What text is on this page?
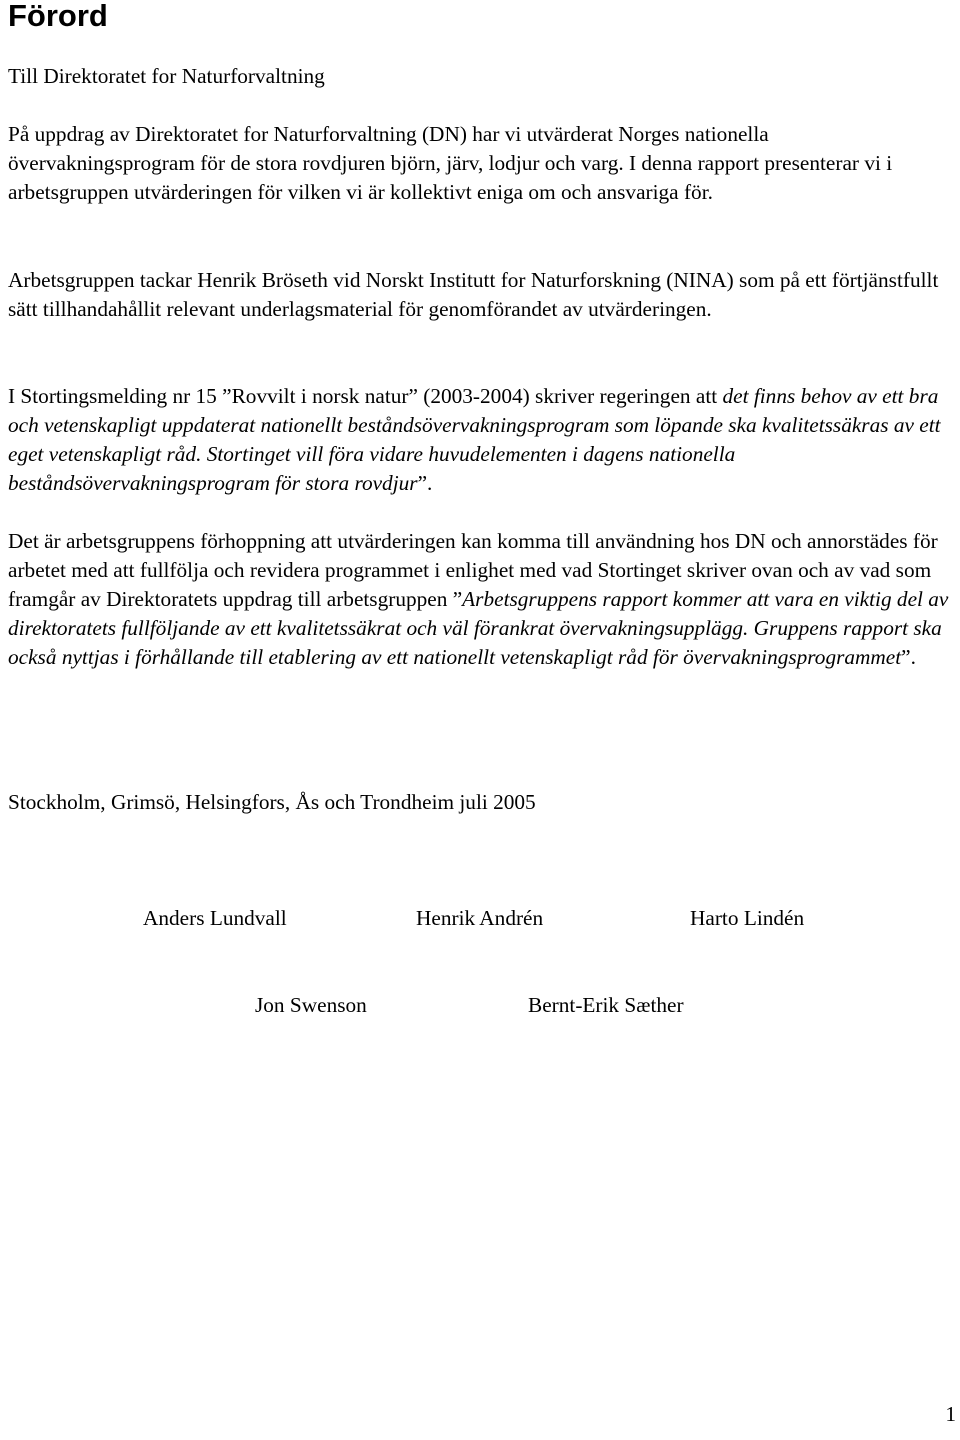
Förord

Till Direktoratet for Naturforvaltning

På uppdrag av Direktoratet for Naturforvaltning (DN) har vi utvärderat Norges nationella övervakningsprogram för de stora rovdjuren björn, järv, lodjur och varg. I denna rapport presenterar vi i arbetsgruppen utvärderingen för vilken vi är kollektivt eniga om och ansvariga för.

Arbetsgruppen tackar Henrik Bröseth vid Norskt Institutt for Naturforskning (NINA) som på ett förtjänstfullt sätt tillhandahållit relevant underlagsmaterial för genomförandet av utvärderingen.

I Stortingsmelding nr 15 ”Rovvilt i norsk natur” (2003-2004) skriver regeringen att det finns behov av ett bra och vetenskapligt uppdaterat nationellt beståndsövervakningsprogram som löpande ska kvalitetssäkras av ett eget vetenskapligt råd. Stortinget vill föra vidare huvudelementen i dagens nationella beståndsövervakningsprogram för stora rovdjur”.

Det är arbetsgruppens förhoppning att utvärderingen kan komma till användning hos DN och annorstädes för arbetet med att fullfölja och revidera programmet i enlighet med vad Stortinget skriver ovan och av vad som framgår av Direktoratets uppdrag till arbetsgruppen ”Arbetsgruppens rapport kommer att vara en viktig del av direktoratets fullföljande av ett kvalitetssäkrat och väl förankrat övervakningsupplägg. Gruppens rapport ska också nyttjas i förhållande till etablering av ett nationellt vetenskapligt råd för övervakningsprogrammet”.

Stockholm, Grimsö, Helsingfors, Ås och Trondheim juli 2005

Anders Lundvall	Henrik Andrén	Harto Lindén
Jon Swenson	Bernt-Erik Sæther
1
